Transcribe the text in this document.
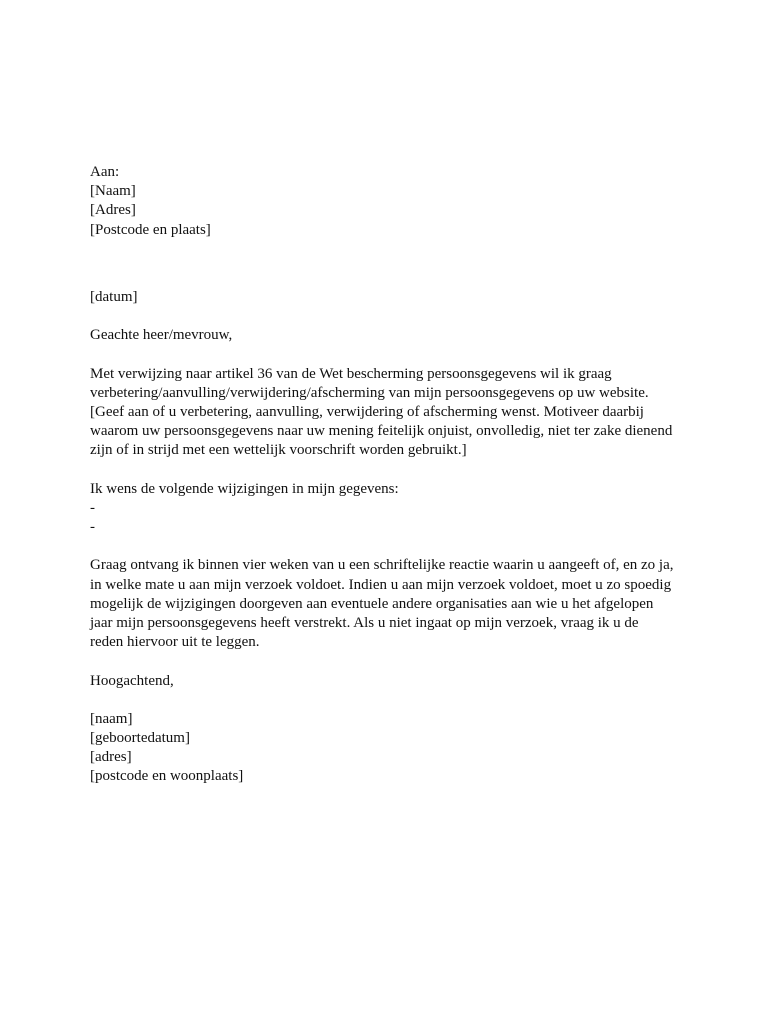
Aan:
[Naam]
[Adres]
[Postcode en plaats]
[datum]
Geachte heer/mevrouw,
Met verwijzing naar artikel 36 van de Wet bescherming persoonsgegevens wil ik graag
verbetering/aanvulling/verwijdering/afscherming van mijn persoonsgegevens op uw website.
[Geef aan of u verbetering, aanvulling, verwijdering of afscherming wenst. Motiveer daarbij
waarom uw persoonsgegevens naar uw mening feitelijk onjuist, onvolledig, niet ter zake dienend
zijn of in strijd met een wettelijk voorschrift worden gebruikt.]
Ik wens de volgende wijzigingen in mijn gegevens:
-
-
Graag ontvang ik binnen vier weken van u een schriftelijke reactie waarin u aangeeft of, en zo ja,
in welke mate u aan mijn verzoek voldoet. Indien u aan mijn verzoek voldoet, moet u zo spoedig
mogelijk de wijzigingen doorgeven aan eventuele andere organisaties aan wie u het afgelopen
jaar mijn persoonsgegevens heeft verstrekt. Als u niet ingaat op mijn verzoek, vraag ik u de
reden hiervoor uit te leggen.
Hoogachtend,
[naam]
[geboortedatum]
[adres]
[postcode en woonplaats]
